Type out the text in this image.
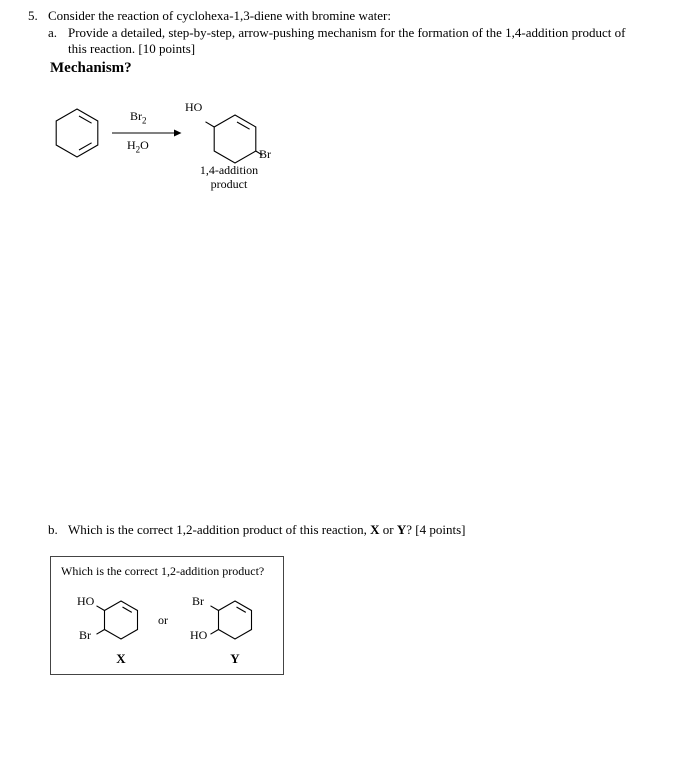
5. Consider the reaction of cyclohexa-1,3-diene with bromine water:
a. Provide a detailed, step-by-step, arrow-pushing mechanism for the formation of the 1,4-addition product of
this reaction. [10 points]
Mechanism?
$Br_2$
$H_2O$
HO
Br
1,4-addition
product
b. Which is the correct 1,2-addition product of this reaction, X or Y? [4 points]
Which is the correct 1,2-addition product?
HO
Br
X
or
Br
HO
Y
